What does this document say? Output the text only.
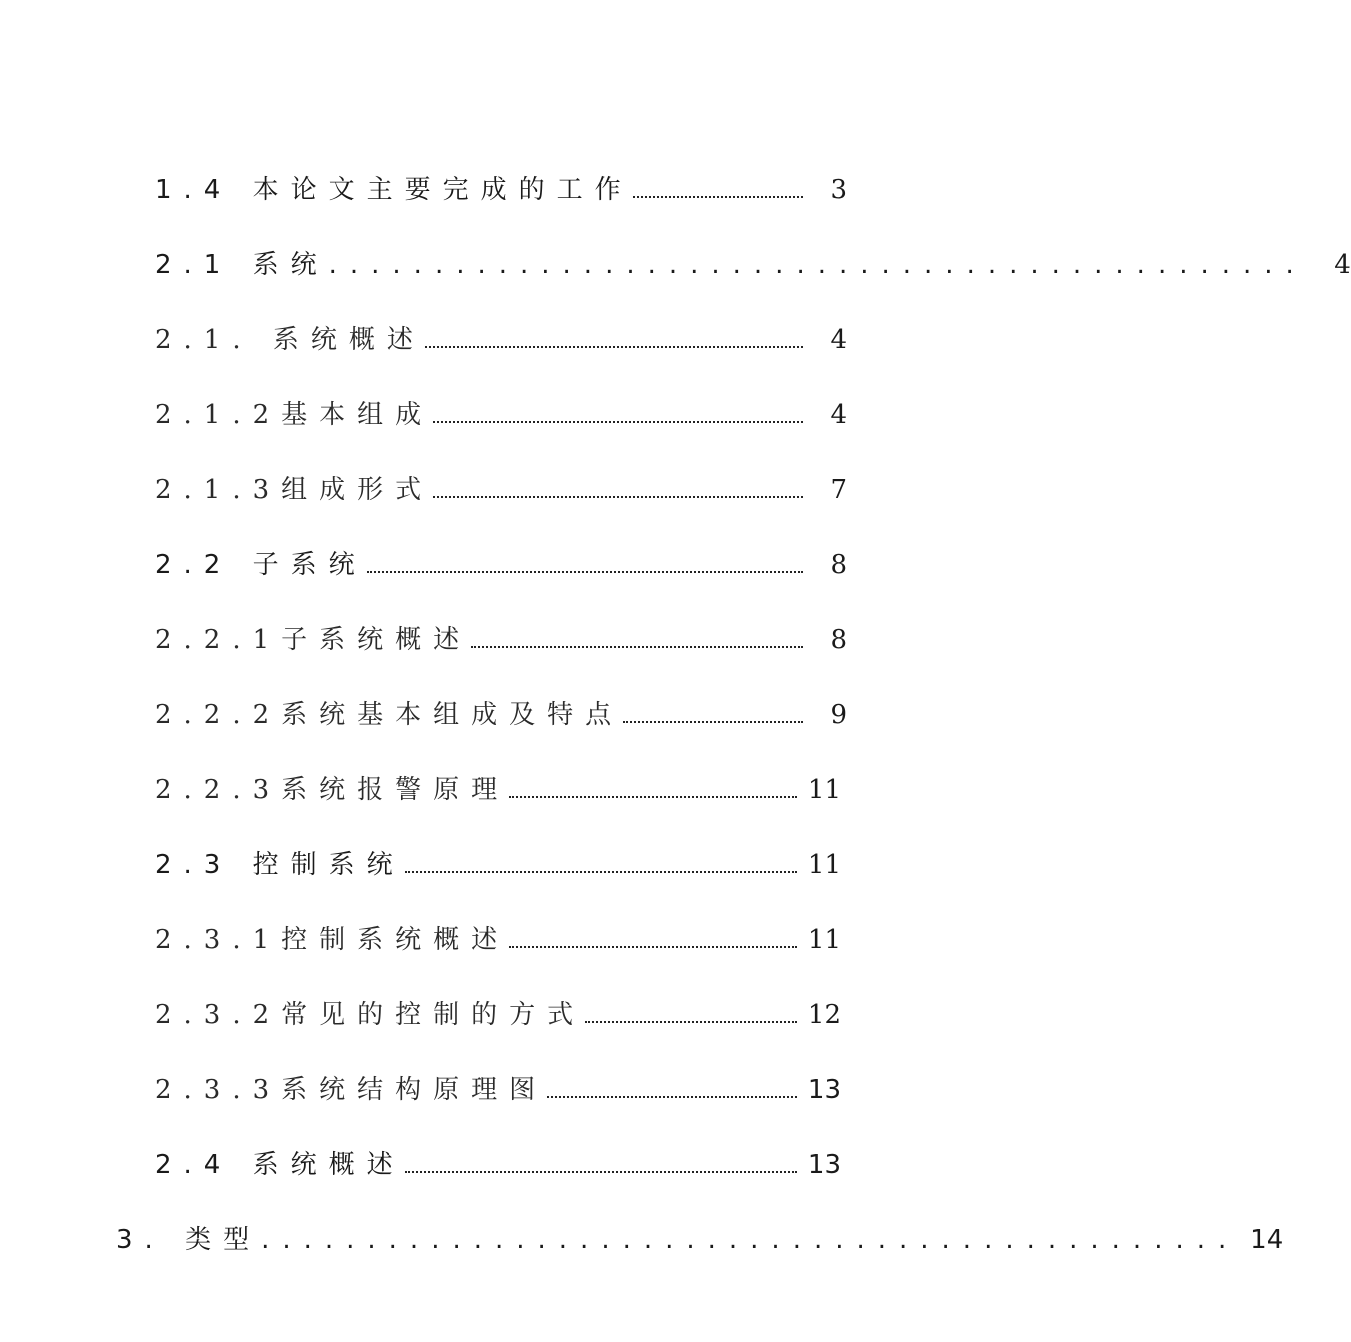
1.4 本论文主要完成的工作	3
2.1 系统 ..............................................	4
2.1. 系统概述	4
2.1.2基本组成	4
2.1.3组成形式	7
2.2 子系统	8
2.2.1子系统概述	8
2.2.2系统基本组成及特点	9
2.2.3系统报警原理	11
2.3 控制系统	11
2.3.1控制系统概述	11
2.3.2常见的控制的方式	12
2.3.3系统结构原理图	13
2.4 系统概述	13
3. 类型 .............................................. 14
